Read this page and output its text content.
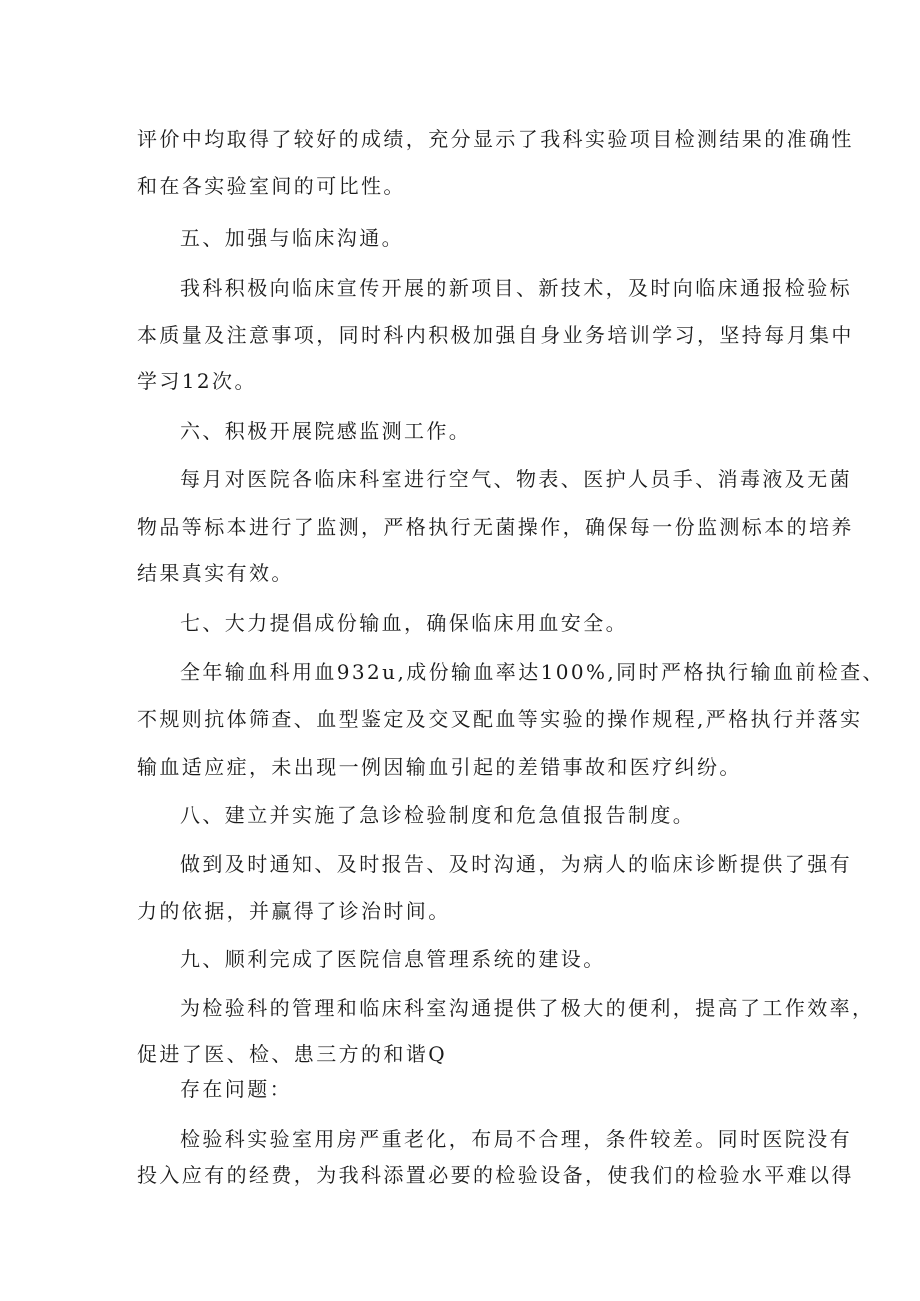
评价中均取得了较好的成绩，充分显示了我科实验项目检测结果的准确性
和在各实验室间的可比性。
五、加强与临床沟通。
我科积极向临床宣传开展的新项目、新技术，及时向临床通报检验标
本质量及注意事项，同时科内积极加强自身业务培训学习，坚持每月集中
学习12次。
六、积极开展院感监测工作。
每月对医院各临床科室进行空气、物表、医护人员手、消毒液及无菌
物品等标本进行了监测，严格执行无菌操作，确保每一份监测标本的培养
结果真实有效。
七、大力提倡成份输血，确保临床用血安全。
全年输血科用血932u,成份输血率达100%,同时严格执行输血前检查、
不规则抗体筛查、血型鉴定及交叉配血等实验的操作规程,严格执行并落实
输血适应症，未出现一例因输血引起的差错事故和医疗纠纷。
八、建立并实施了急诊检验制度和危急值报告制度。
做到及时通知、及时报告、及时沟通，为病人的临床诊断提供了强有
力的依据，并赢得了诊治时间。
九、顺利完成了医院信息管理系统的建设。
为检验科的管理和临床科室沟通提供了极大的便利，提高了工作效率，
促进了医、检、患三方的和谐Q
存在问题：
检验科实验室用房严重老化，布局不合理，条件较差。同时医院没有
投入应有的经费，为我科添置必要的检验设备，使我们的检验水平难以得
